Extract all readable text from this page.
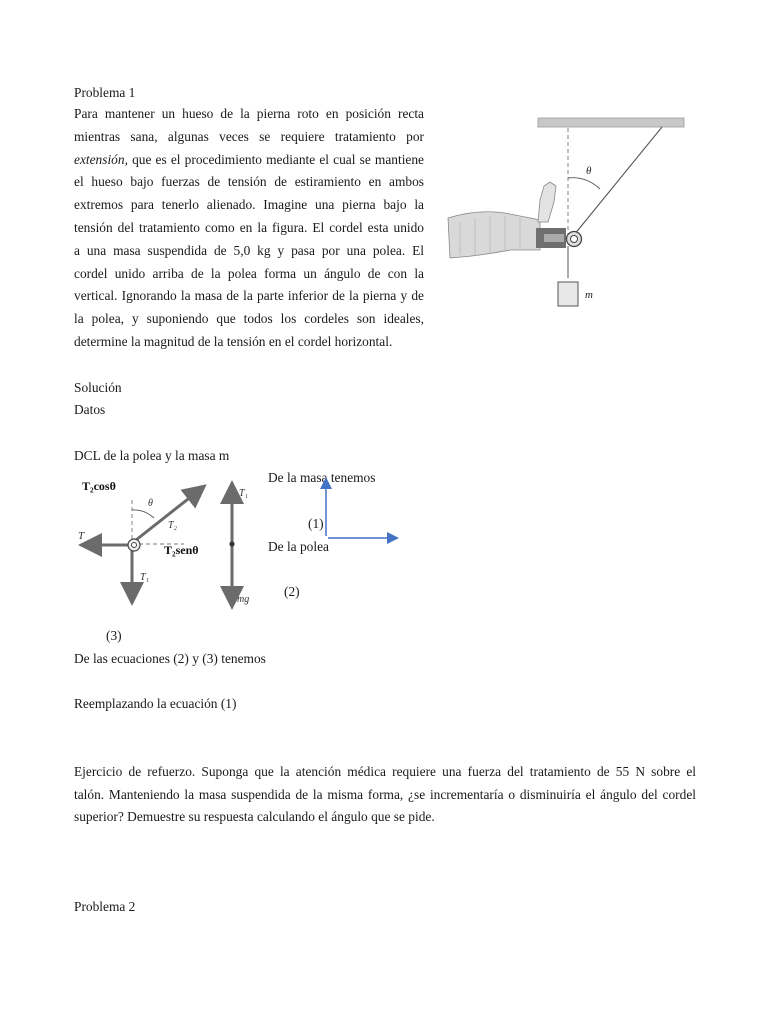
Problema 1
Para mantener un hueso de la pierna roto en posición recta
mientras sana, algunas veces se requiere tratamiento por
extensión, que es el procedimiento mediante el cual se mantiene
el hueso bajo fuerzas de tensión de estiramiento en ambos
extremos para tenerlo alienado. Imagine una pierna bajo la
tensión del tratamiento como en la figura. El cordel esta unido
a una masa suspendida de 5,0 kg y pasa por una polea. El
cordel unido arriba de la polea forma un ángulo de con la
vertical. Ignorando la masa de la parte inferior de la pierna y de
la polea, y suponiendo que todos los cordeles son ideales,
determine la magnitud de la tensión en el cordel horizontal.
θ
m
Solución
Datos
DCL de la polea y la masa m
θ
T₂
T
T₁
T₂cosθ
T₂senθ
T₁
mg
De la masa tenemos
(1)
De la polea
(2)
(3)
De las ecuaciones (2) y (3) tenemos
Reemplazando la ecuación (1)
Ejercicio de refuerzo. Suponga que la atención médica requiere una fuerza del tratamiento de 55 N sobre el
talón. Manteniendo la masa suspendida de la misma forma, ¿se incrementaría o disminuiría el ángulo del cordel
superior? Demuestre su respuesta calculando el ángulo que se pide.
Problema 2
